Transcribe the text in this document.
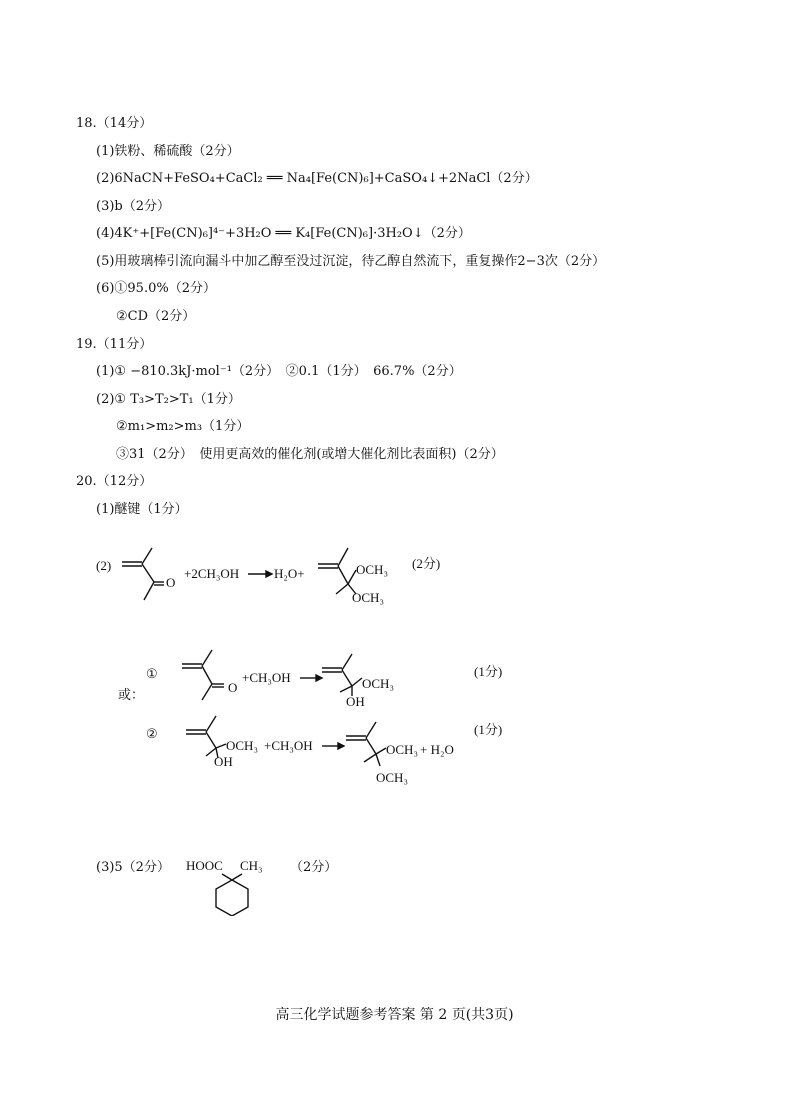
18.（14分）
(1)铁粉、稀硫酸（2分）
(2)6NaCN+FeSO₄+CaCl₂ ══ Na₄[Fe(CN)₆]+CaSO₄↓+2NaCl（2分）
(3)b（2分）
(4)4K⁺+[Fe(CN)₆]⁴⁻+3H₂O ══ K₄[Fe(CN)₆]·3H₂O↓（2分）
(5)用玻璃棒引流向漏斗中加乙醇至没过沉淀，待乙醇自然流下，重复操作2−3次（2分）
(6)①95.0%（2分）
②CD（2分）
19.（11分）
(1)① −810.3kJ·mol⁻¹（2分）　②0.1（1分）　66.7%（2分）
(2)① T₃>T₂>T₁（1分）
②m₁>m₂>m₃（1分）
③31（2分）　使用更高效的催化剂(或增大催化剂比表面积)（2分）
20.（12分）
(1)醚键（1分）
(2)
O
+2CH₃OH	H₂O+	OCH₃
OCH₃
(2分)
或：
①
O
+CH₃OH	OCH₃
OH
(1分)
②
OCH₃
OH
+CH₃OH	OCH₃ + H₂O
OCH₃
(1分)
(3)5（2分） HOOC CH₃ （2分）
高三化学试题参考答案 第 2 页(共3页)
